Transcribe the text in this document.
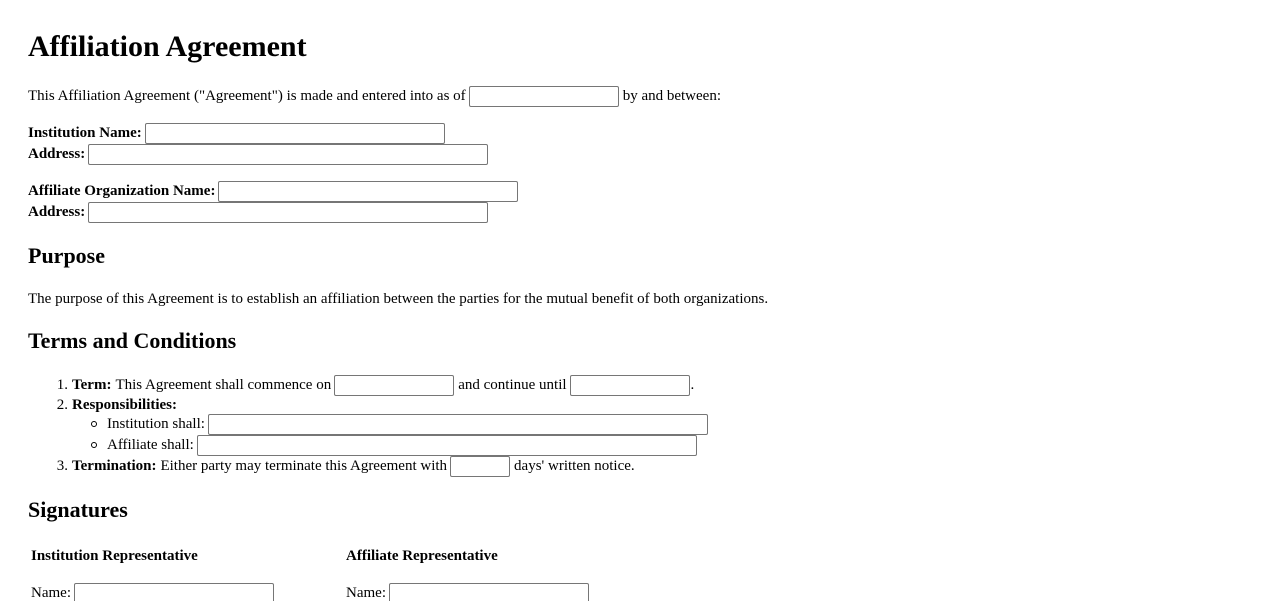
Affiliation Agreement
This Affiliation Agreement ("Agreement") is made and entered into as of	by and between:
Institution Name:
Address:
Affiliate Organization Name:
Address:
Purpose
The purpose of this Agreement is to establish an affiliation between the parties for the mutual benefit of both organizations.
Terms and Conditions
1. Term: This Agreement shall commence on	and continue until	.
2. Responsibilities:
Institution shall:
Affiliate shall:
3. Termination: Either party may terminate this Agreement with	days' written notice.
Signatures
Institution Representative	Affiliate Representative
Name:	Name:
